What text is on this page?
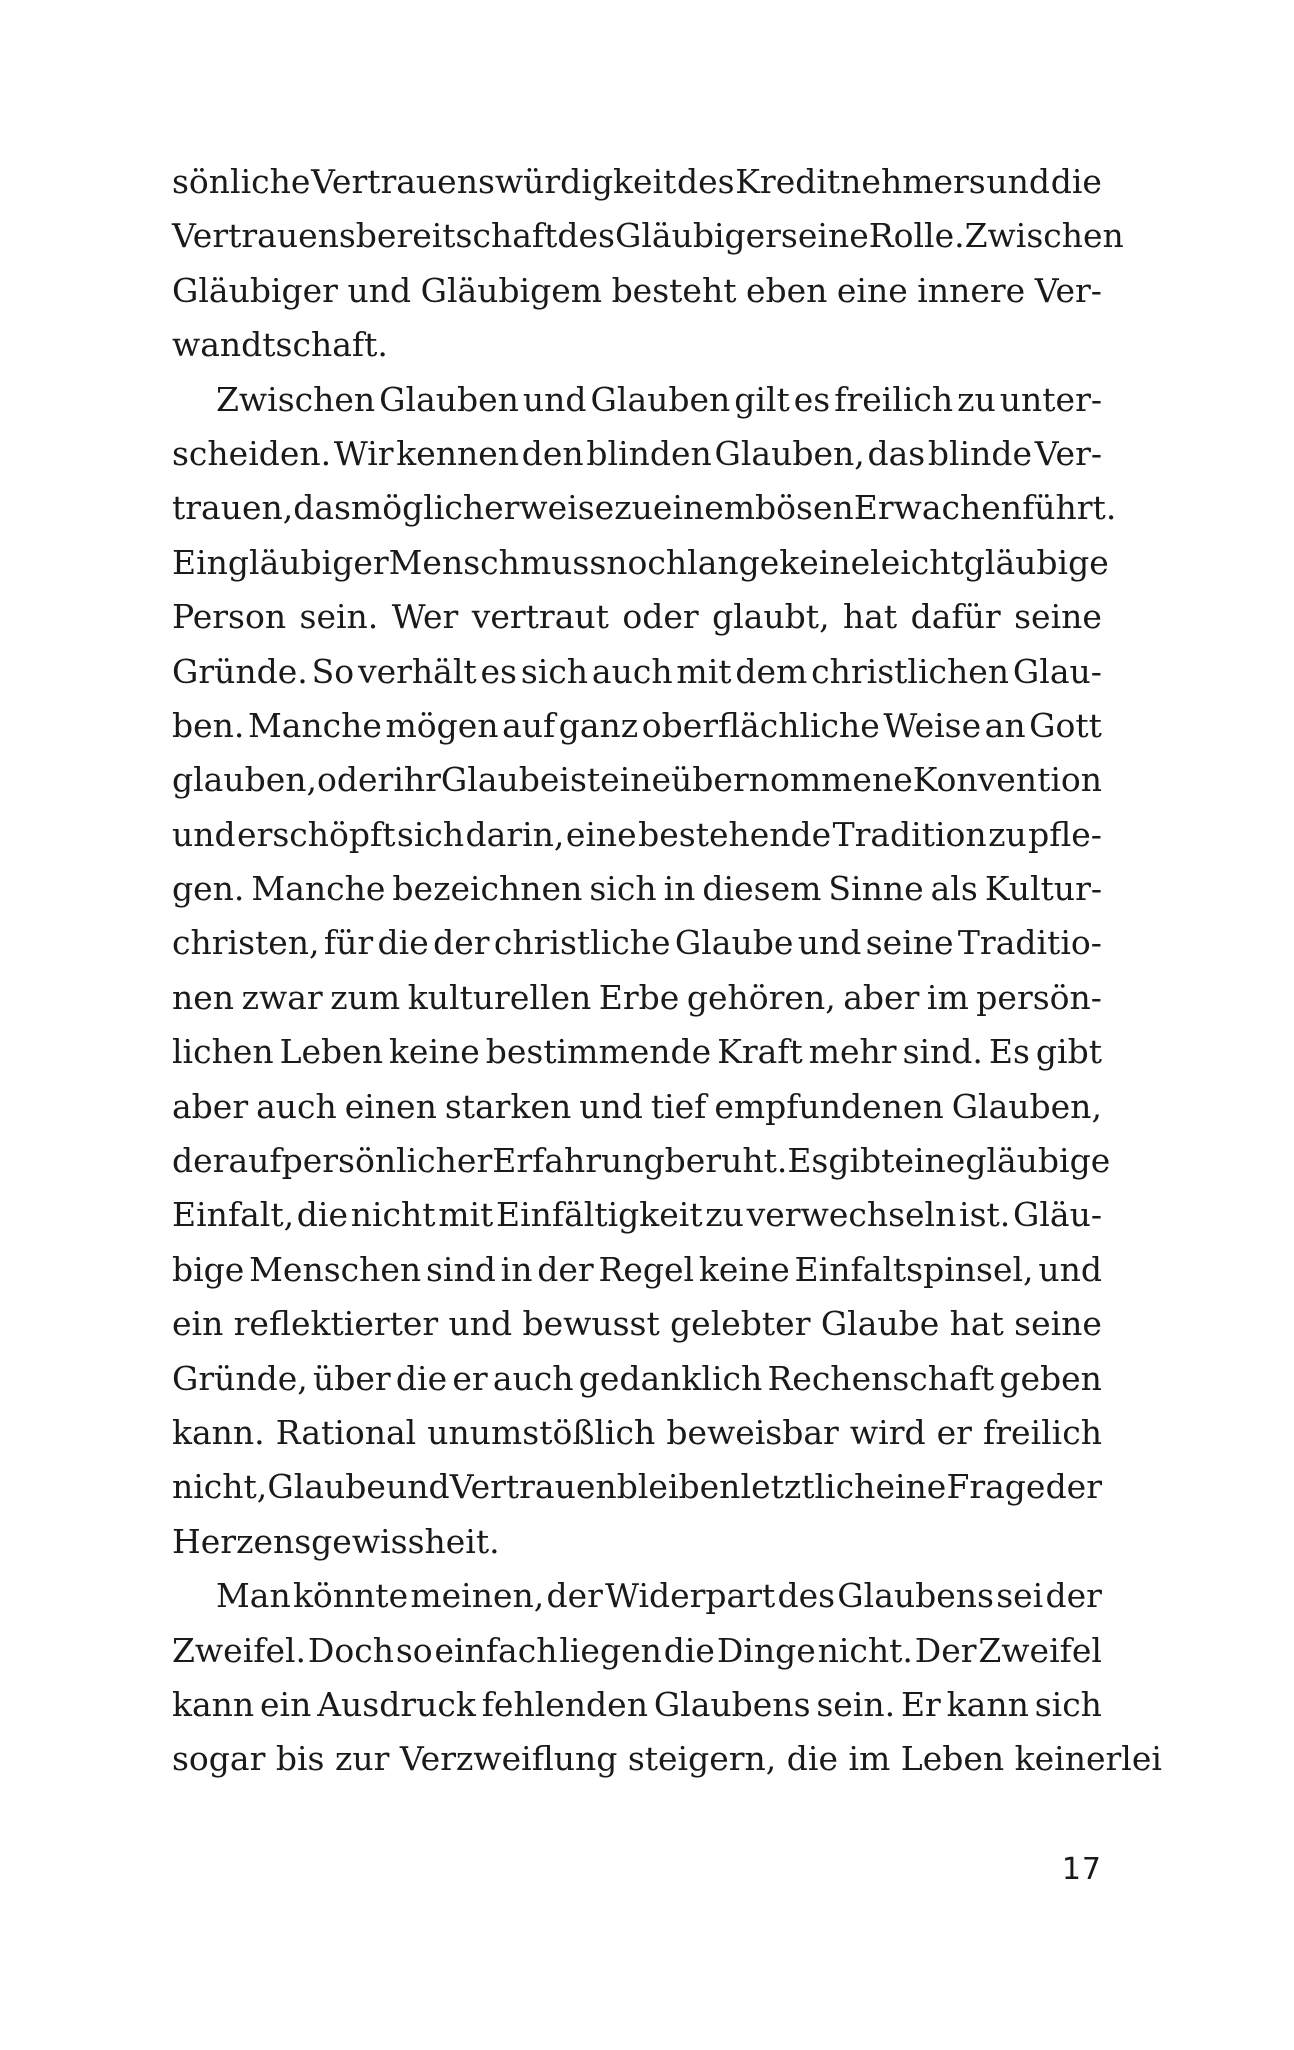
sönliche Vertrauenswürdigkeit des Kreditnehmers und die
Vertrauensbereitschaft des Gläubigers eine Rolle. Zwischen
Gläubiger und Gläubigem besteht eben eine innere Ver-
wandtschaft.
Zwischen Glauben und Glauben gilt es freilich zu unter-
scheiden. Wir kennen den blinden Glauben, das blinde Ver-
trauen, das möglicherweise zu einem bösen Erwachen führt.
Ein gläubiger Mensch muss noch lange keine leichtgläubige
Person sein. Wer vertraut oder glaubt, hat dafür seine
Gründe. So verhält es sich auch mit dem christlichen Glau-
ben. Manche mögen auf ganz oberflächliche Weise an Gott
glauben, oder ihr Glaube ist eine übernommene Konvention
und erschöpft sich darin, eine bestehende Tradition zu pfle-
gen. Manche bezeichnen sich in diesem Sinne als Kultur-
christen, für die der christliche Glaube und seine Traditio-
nen zwar zum kulturellen Erbe gehören, aber im persön-
lichen Leben keine bestimmende Kraft mehr sind. Es gibt
aber auch einen starken und tief empfundenen Glauben,
der auf persönlicher Erfahrung beruht. Es gibt eine gläubige
Einfalt, die nicht mit Einfältigkeit zu verwechseln ist. Gläu-
bige Menschen sind in der Regel keine Einfaltspinsel, und
ein reflektierter und bewusst gelebter Glaube hat seine
Gründe, über die er auch gedanklich Rechenschaft geben
kann. Rational unumstößlich beweisbar wird er freilich
nicht, Glaube und Vertrauen bleiben letztlich eine Frage der
Herzensgewissheit.
Man könnte meinen, der Widerpart des Glaubens sei der
Zweifel. Doch so einfach liegen die Dinge nicht. Der Zweifel
kann ein Ausdruck fehlenden Glaubens sein. Er kann sich
sogar bis zur Verzweiflung steigern, die im Leben keinerlei
17
